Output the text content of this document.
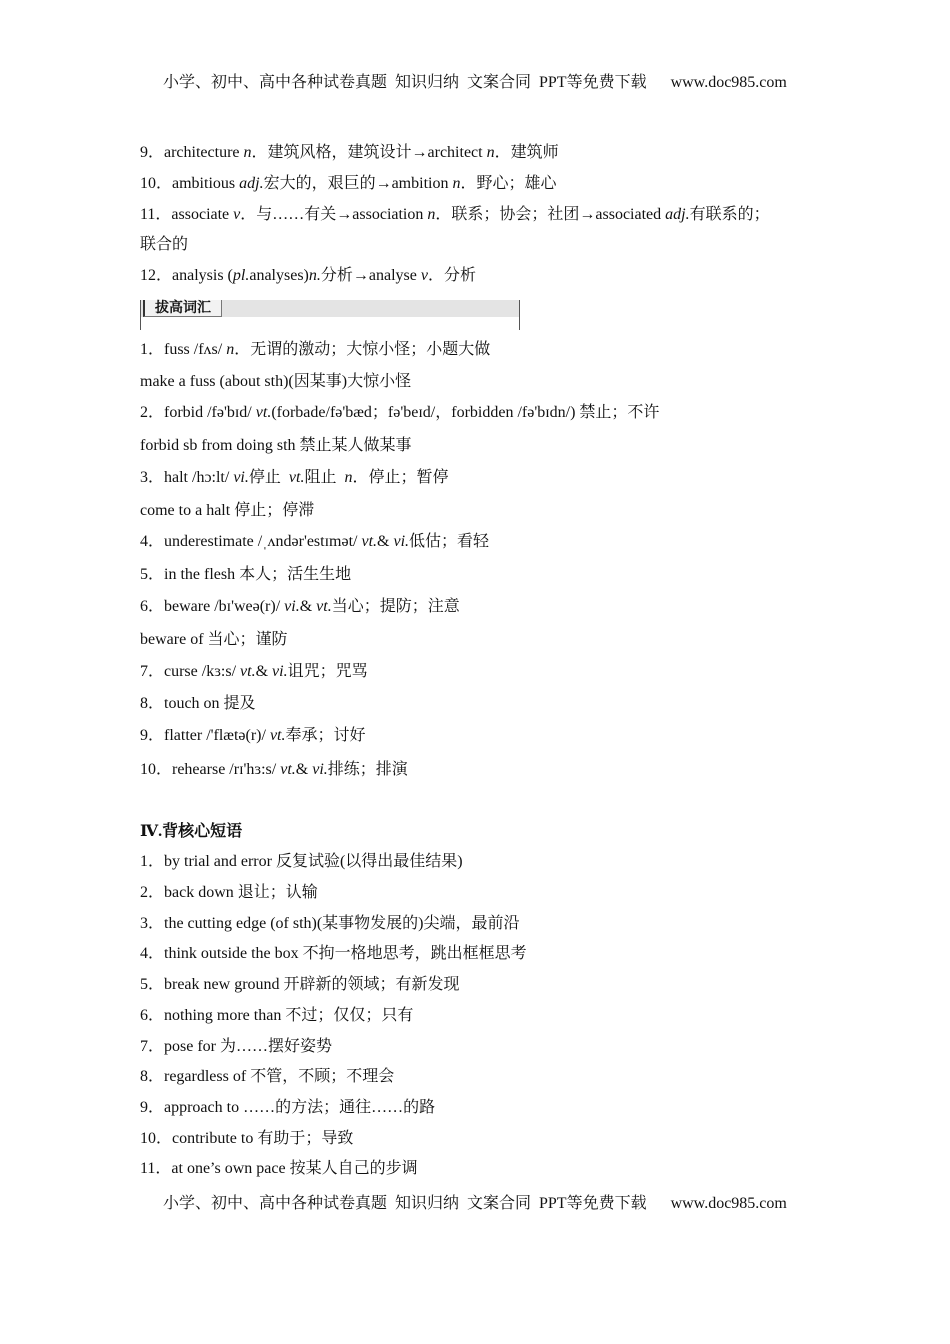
小学、初中、高中各种试卷真题  知识归纳  文案合同  PPT等免费下载      www.doc985.com
9．architecture n．建筑风格，建筑设计→architect n．建筑师
10．ambitious adj.宏大的，艰巨的→ambition n．野心；雄心
11．associate v．与……有关→association n．联系；协会；社团→associated adj.有联系的；
联合的
12．analysis (pl.analyses)n.分析→analyse v．分析
拔高词汇
1．fuss /fʌs/ n．无谓的激动；大惊小怪；小题大做
make a fuss (about sth)(因某事)大惊小怪
2．forbid /fə'bɪd/ vt.(forbade/fə'bæd；fə'beɪd/，forbidden /fə'bɪdn/) 禁止；不许
forbid sb from doing sth 禁止某人做某事
3．halt /hɔ:lt/ vi.停止  vt.阻止  n．停止；暂停
come to a halt 停止；停滞
4．underestimate /ˌʌndər'estɪmət/ vt.& vi.低估；看轻
5．in the flesh 本人；活生生地
6．beware /bɪ'weə(r)/ vi.& vt.当心；提防；注意
beware of 当心；谨防
7．curse /kɜ:s/ vt.& vi.诅咒；咒骂
8．touch on 提及
9．flatter /'flætə(r)/ vt.奉承；讨好
10．rehearse /rɪ'hɜ:s/ vt.& vi.排练；排演
Ⅳ.背核心短语
1．by trial and error 反复试验(以得出最佳结果)
2．back down 退让；认输
3．the cutting edge (of sth)(某事物发展的)尖端，最前沿
4．think outside the box 不拘一格地思考，跳出框框思考
5．break new ground 开辟新的领域；有新发现
6．nothing more than 不过；仅仅；只有
7．pose for 为……摆好姿势
8．regardless of 不管，不顾；不理会
9．approach to ……的方法；通往……的路
10．contribute to 有助于；导致
11．at one’s own pace 按某人自己的步调
小学、初中、高中各种试卷真题  知识归纳  文案合同  PPT等免费下载      www.doc985.com
